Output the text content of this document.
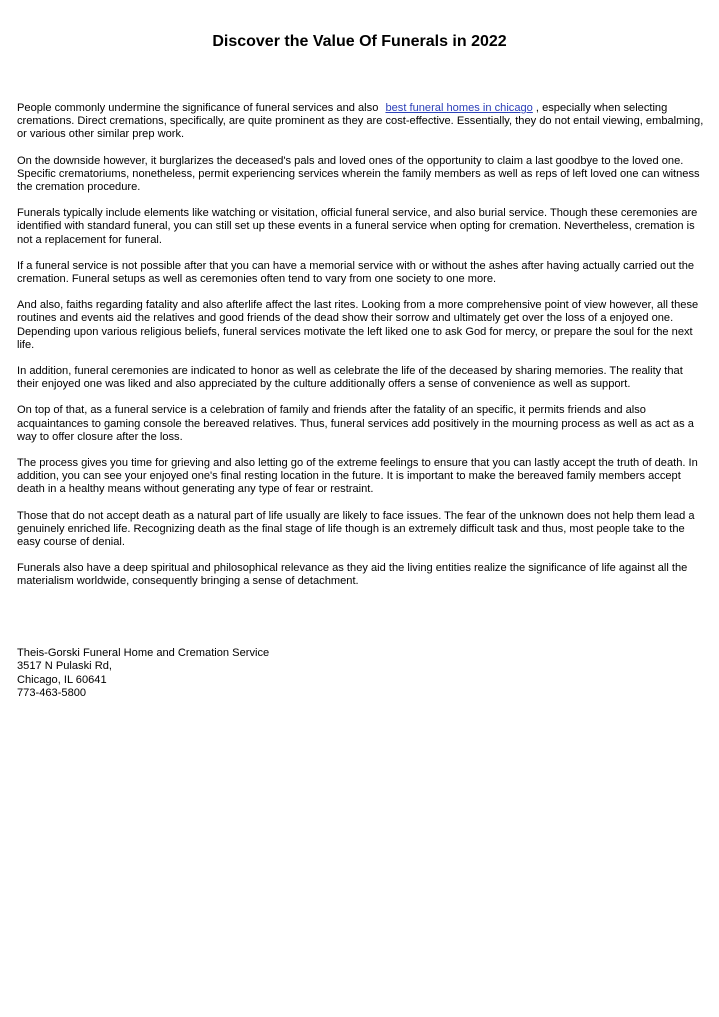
Discover the Value Of Funerals in 2022

People commonly undermine the significance of funeral services and also best funeral homes in chicago , especially when selecting cremations. Direct cremations, specifically, are quite prominent as they are cost-effective. Essentially, they do not entail viewing, embalming, or various other similar prep work.

On the downside however, it burglarizes the deceased's pals and loved ones of the opportunity to claim a last goodbye to the loved one. Specific crematoriums, nonetheless, permit experiencing services wherein the family members as well as reps of left loved one can witness the cremation procedure.

Funerals typically include elements like watching or visitation, official funeral service, and also burial service. Though these ceremonies are identified with standard funeral, you can still set up these events in a funeral service when opting for cremation. Nevertheless, cremation is not a replacement for funeral.

If a funeral service is not possible after that you can have a memorial service with or without the ashes after having actually carried out the cremation. Funeral setups as well as ceremonies often tend to vary from one society to one more.

And also, faiths regarding fatality and also afterlife affect the last rites. Looking from a more comprehensive point of view however, all these routines and events aid the relatives and good friends of the dead show their sorrow and ultimately get over the loss of a enjoyed one. Depending upon various religious beliefs, funeral services motivate the left liked one to ask God for mercy, or prepare the soul for the next life.

In addition, funeral ceremonies are indicated to honor as well as celebrate the life of the deceased by sharing memories. The reality that their enjoyed one was liked and also appreciated by the culture additionally offers a sense of convenience as well as support.

On top of that, as a funeral service is a celebration of family and friends after the fatality of an specific, it permits friends and also acquaintances to gaming console the bereaved relatives. Thus, funeral services add positively in the mourning process as well as act as a way to offer closure after the loss.

The process gives you time for grieving and also letting go of the extreme feelings to ensure that you can lastly accept the truth of death. In addition, you can see your enjoyed one's final resting location in the future. It is important to make the bereaved family members accept death in a healthy means without generating any type of fear or restraint.

Those that do not accept death as a natural part of life usually are likely to face issues. The fear of the unknown does not help them lead a genuinely enriched life. Recognizing death as the final stage of life though is an extremely difficult task and thus, most people take to the easy course of denial.

Funerals also have a deep spiritual and philosophical relevance as they aid the living entities realize the significance of life against all the materialism worldwide, consequently bringing a sense of detachment.

Theis-Gorski Funeral Home and Cremation Service
3517 N Pulaski Rd,
Chicago, IL 60641
773-463-5800
